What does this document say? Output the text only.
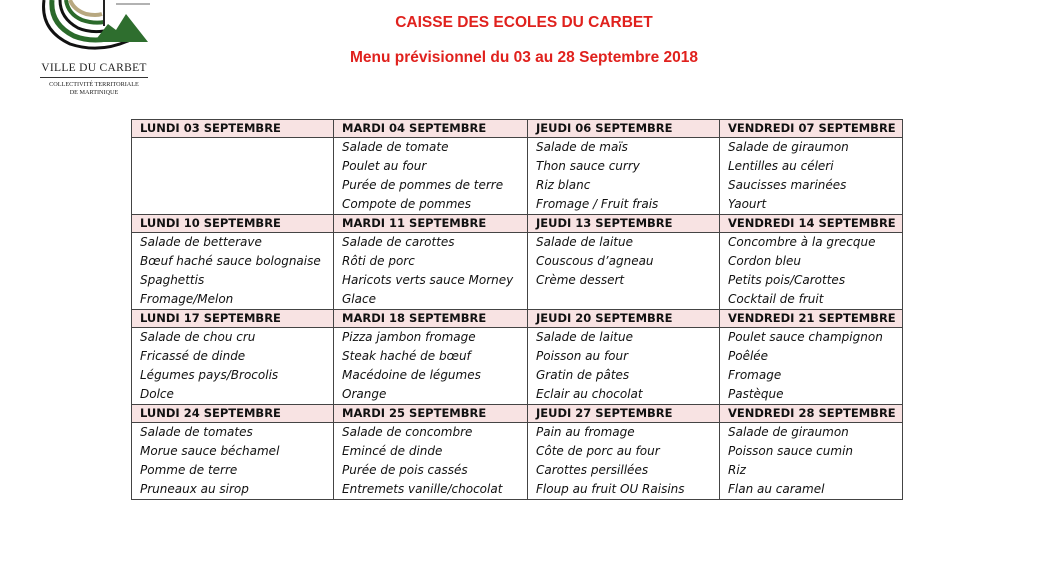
VILLE DU CARBET
COLLECTIVITÉ TERRITORIALE
DE MARTINIQUE
CAISSE DES ECOLES DU CARBET
Menu prévisionnel du 03 au 28 Septembre 2018
LUNDI 03 SEPTEMBRE	MARDI 04 SEPTEMBRE	JEUDI 06 SEPTEMBRE	VENDREDI 07 SEPTEMBRE
	Salade de tomate	Salade de maïs	Salade de giraumon
	Poulet au four	Thon sauce curry	Lentilles au céleri
	Purée de pommes de terre	Riz blanc	Saucisses marinées
	Compote de pommes	Fromage / Fruit frais	Yaourt
LUNDI 10 SEPTEMBRE	MARDI 11 SEPTEMBRE	JEUDI 13 SEPTEMBRE	VENDREDI 14 SEPTEMBRE
Salade de betterave	Salade de carottes	Salade de laitue	Concombre à la grecque
Bœuf haché sauce bolognaise	Rôti de porc	Couscous d’agneau	Cordon bleu
Spaghettis	Haricots verts sauce Morney	Crème dessert	Petits pois/Carottes
Fromage/Melon	Glace		Cocktail de fruit
LUNDI 17 SEPTEMBRE	MARDI 18 SEPTEMBRE	JEUDI 20 SEPTEMBRE	VENDREDI 21 SEPTEMBRE
Salade de chou cru	Pizza jambon fromage	Salade de laitue	Poulet sauce champignon
Fricassé de dinde	Steak haché de bœuf	Poisson au four	Poêlée
Légumes pays/Brocolis	Macédoine de légumes	Gratin de pâtes	Fromage
Dolce	Orange	Eclair au chocolat	Pastèque
LUNDI 24 SEPTEMBRE	MARDI 25 SEPTEMBRE	JEUDI 27 SEPTEMBRE	VENDREDI 28 SEPTEMBRE
Salade de tomates	Salade de concombre	Pain au fromage	Salade de giraumon
Morue sauce béchamel	Emincé de dinde	Côte de porc au four	Poisson sauce cumin
Pomme de terre	Purée de pois cassés	Carottes persillées	Riz
Pruneaux au sirop	Entremets vanille/chocolat	Floup au fruit OU Raisins	Flan au caramel
